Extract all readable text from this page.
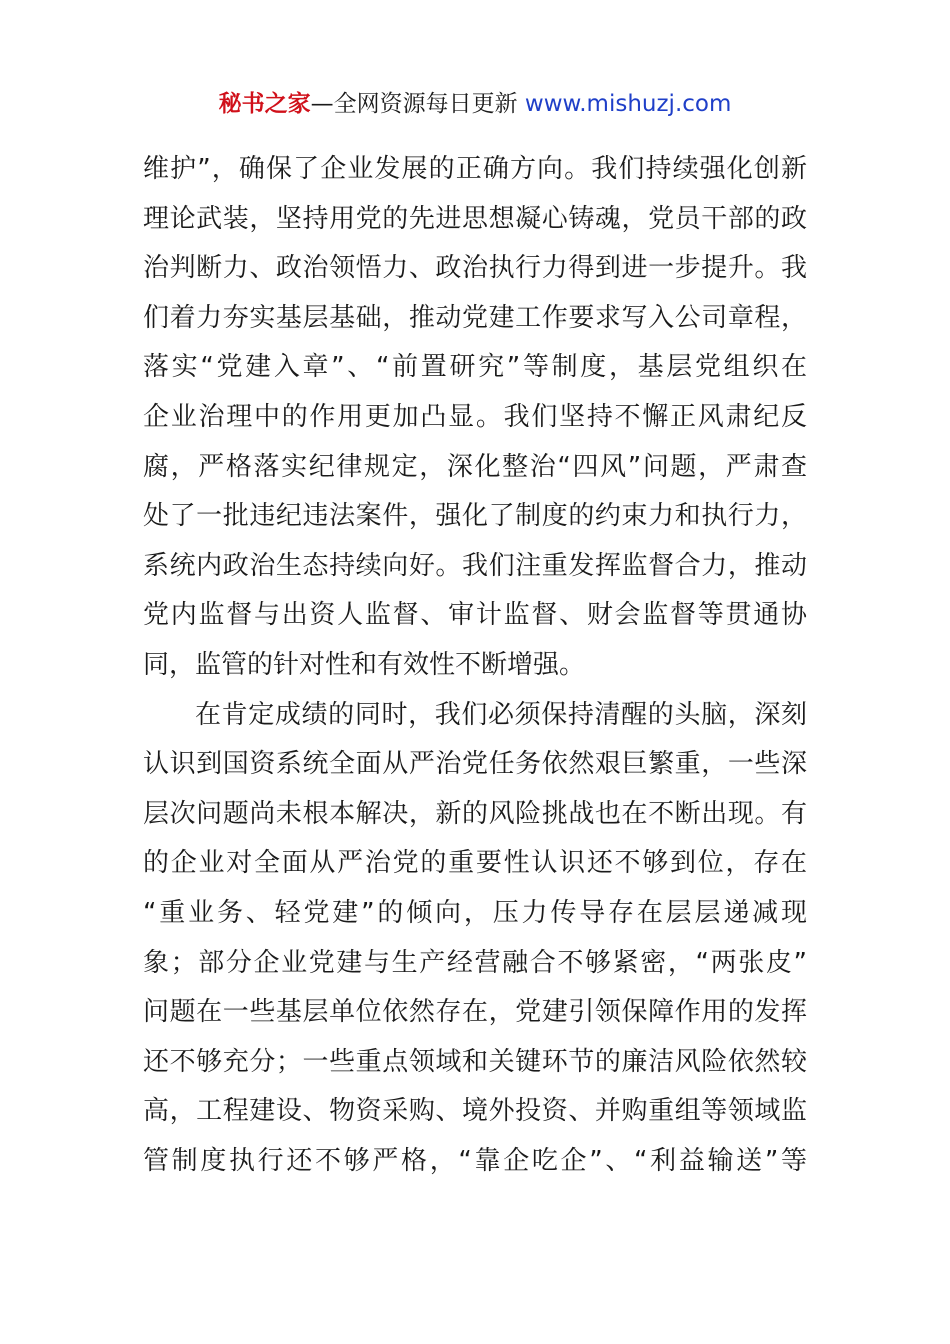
秘书之家—全网资源每日更新 www.mishuzj.com
维护”，确保了企业发展的正确方向。我们持续强化创新
理论武装，坚持用党的先进思想凝心铸魂，党员干部的政
治判断力、政治领悟力、政治执行力得到进一步提升。我
们着力夯实基层基础，推动党建工作要求写入公司章程，
落实“党建入章”、“前置研究”等制度，基层党组织在
企业治理中的作用更加凸显。我们坚持不懈正风肃纪反
腐，严格落实纪律规定，深化整治“四风”问题，严肃查
处了一批违纪违法案件，强化了制度的约束力和执行力，
系统内政治生态持续向好。我们注重发挥监督合力，推动
党内监督与出资人监督、审计监督、财会监督等贯通协
同，监管的针对性和有效性不断增强。
在肯定成绩的同时，我们必须保持清醒的头脑，深刻
认识到国资系统全面从严治党任务依然艰巨繁重，一些深
层次问题尚未根本解决，新的风险挑战也在不断出现。有
的企业对全面从严治党的重要性认识还不够到位，存在
“重业务、轻党建”的倾向，压力传导存在层层递减现
象；部分企业党建与生产经营融合不够紧密，“两张皮”
问题在一些基层单位依然存在，党建引领保障作用的发挥
还不够充分；一些重点领域和关键环节的廉洁风险依然较
高，工程建设、物资采购、境外投资、并购重组等领域监
管制度执行还不够严格，“靠企吃企”、“利益输送”等
